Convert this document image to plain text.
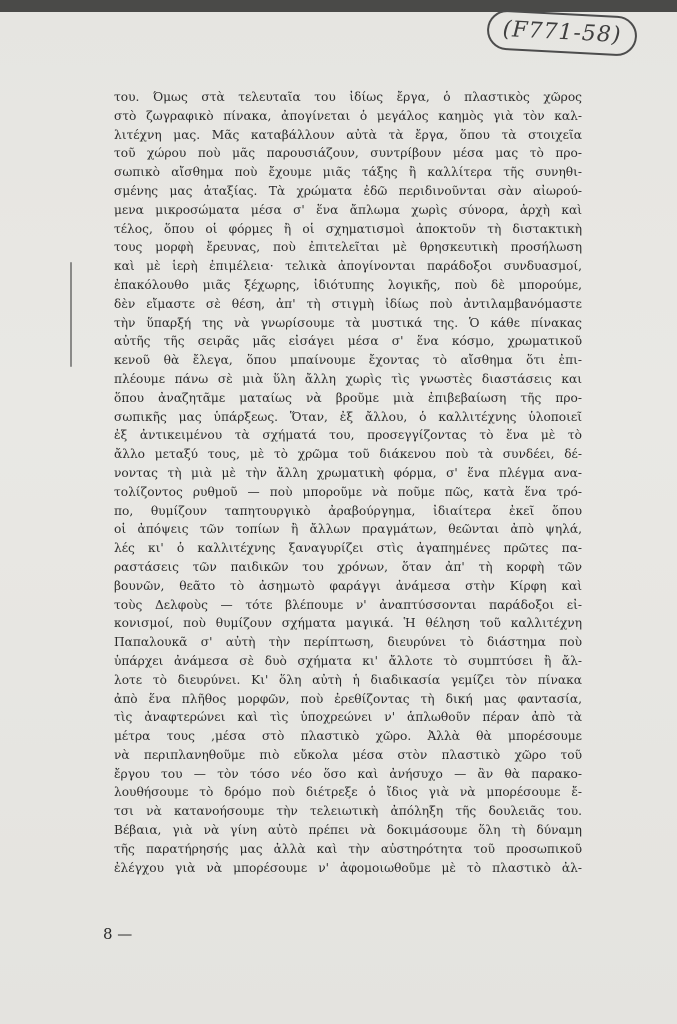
(F771-58)
του. Όμως στὰ τελευταῖα του ἰδίως ἔργα, ὁ πλαστικὸς χῶρος
στὸ ζωγραφικὸ πίνακα, ἀπογίνεται ὁ μεγάλος καημὸς γιὰ τὸν καλ-
λιτέχνη μας. Μᾶς καταβάλλουν αὐτὰ τὰ ἔργα, ὅπου τὰ στοιχεῖα
τοῦ χώρου ποὺ μᾶς παρουσιάζουν, συντρίβουν μέσα μας τὸ προ-
σωπικὸ αἴσθημα ποὺ ἔχουμε μιᾶς τάξης ἢ καλλίτερα τῆς συνηθι-
σμένης μας ἀταξίας. Τὰ χρώματα ἐδῶ περιδινοῦνται σὰν αἰωρού-
μενα μικροσώματα μέσα σ' ἕνα ἄπλωμα χωρὶς σύνορα, ἀρχὴ καὶ
τέλος, ὅπου οἱ φόρμες ἢ οἱ σχηματισμοὶ ἀποκτοῦν τὴ διστακτικὴ
τους μορφὴ ἔρευνας, ποὺ ἐπιτελεῖται μὲ θρησκευτικὴ προσήλωση
καὶ μὲ ἱερὴ ἐπιμέλεια· τελικὰ ἀπογίνονται παράδοξοι συνδυασμοί,
ἐπακόλουθο μιᾶς ξέχωρης, ἰδιότυπης λογικῆς, ποὺ δὲ μπορούμε,
δὲν εἴμαστε σὲ θέση, ἀπ' τὴ στιγμὴ ἰδίως ποὺ ἀντιλαμβανόμαστε
τὴν ὕπαρξή της νὰ γνωρίσουμε τὰ μυστικά της. Ὁ κάθε πίνακας
αὐτῆς τῆς σειρᾶς μᾶς εἰσάγει μέσα σ' ἕνα κόσμο, χρωματικοῦ
κενοῦ θὰ ἔλεγα, ὅπου μπαίνουμε ἔχοντας τὸ αἴσθημα ὅτι ἐπι-
πλέουμε πάνω σὲ μιὰ ὕλη ἄλλη χωρὶς τὶς γνωστὲς διαστάσεις και
ὅπου ἀναζητᾶμε ματαίως νὰ βροῦμε μιὰ ἐπιβεβαίωση τῆς προ-
σωπικῆς μας ὑπάρξεως. Ὅταν, ἐξ ἄλλου, ὁ καλλιτέχνης ὑλοποιεῖ
ἐξ ἀντικειμένου τὰ σχήματά του, προσεγγίζοντας τὸ ἕνα μὲ τὸ
ἄλλο μεταξύ τους, μὲ τὸ χρῶμα τοῦ διάκενου ποὺ τὰ συνδέει, δέ-
νοντας τὴ μιὰ μὲ τὴν ἄλλη χρωματικὴ φόρμα, σ' ἕνα πλέγμα ανα-
τολίζοντος ρυθμοῦ — ποὺ μποροῦμε νὰ ποῦμε πῶς, κατὰ ἕνα τρό-
πο, θυμίζουν ταπητουργικὸ ἀραβούργημα, ἰδιαίτερα ἐκεῖ ὅπου
οἱ ἀπόψεις τῶν τοπίων ἢ ἄλλων πραγμάτων, θεῶνται ἀπὸ ψηλά,
λές κι' ὁ καλλιτέχνης ξαναγυρίζει στὶς ἀγαπημένες πρῶτες πα-
ραστάσεις τῶν παιδικῶν του χρόνων, ὅταν ἀπ' τὴ κορφὴ τῶν
βουνῶν, θεᾶτο τὸ ἀσημωτὸ φαράγγι ἀνάμεσα στὴν Κίρφη καὶ
τοὺς Δελφοὺς — τότε βλέπουμε ν' ἀναπτύσσονται παράδοξοι εἰ-
κονισμοί, ποὺ θυμίζουν σχήματα μαγικά. Ἡ θέληση τοῦ καλλιτέχνη
Παπαλουκᾶ σ' αὐτὴ τὴν περίπτωση, διευρύνει τὸ διάστημα ποὺ
ὑπάρχει ἀνάμεσα σὲ δυὸ σχήματα κι' ἄλλοτε τὸ συμπτύσει ἢ ἄλ-
λοτε τὸ διευρύνει. Κι' ὅλη αὐτὴ ἡ διαδικασία γεμίζει τὸν πίνακα
ἀπὸ ἕνα πλῆθος μορφῶν, ποὺ ἐρεθίζοντας τὴ δική μας φαντασία,
τὶς ἀναφτερώνει καὶ τὶς ὑποχρεώνει ν' ἁπλωθοῦν πέραν ἀπὸ τὰ
μέτρα τους ,μέσα στὸ πλαστικὸ χῶρο. Ἀλλὰ θὰ μπορέσουμε
νὰ περιπλανηθοῦμε πιὸ εὔκολα μέσα στὸν πλαστικὸ χῶρο τοῦ
ἔργου του — τὸν τόσο νέο ὅσο καὶ ἀνήσυχο — ἂν θὰ παρακο-
λουθήσουμε τὸ δρόμο ποὺ διέτρεξε ὁ ἴδιος γιὰ νὰ μπορέσουμε ἔ-
τσι νὰ κατανοήσουμε τὴν τελειωτικὴ ἀπόληξη τῆς δουλειᾶς του.
Βέβαια, γιὰ νὰ γίνη αὐτὸ πρέπει νὰ δοκιμάσουμε ὅλη τὴ δύναμη
τῆς παρατήρησής μας ἀλλὰ καὶ τὴν αὐστηρότητα τοῦ προσωπικοῦ
ἐλέγχου γιὰ νὰ μπορέσουμε ν' ἀφομοιωθοῦμε μὲ τὸ πλαστικὸ ἀλ-
8 —
